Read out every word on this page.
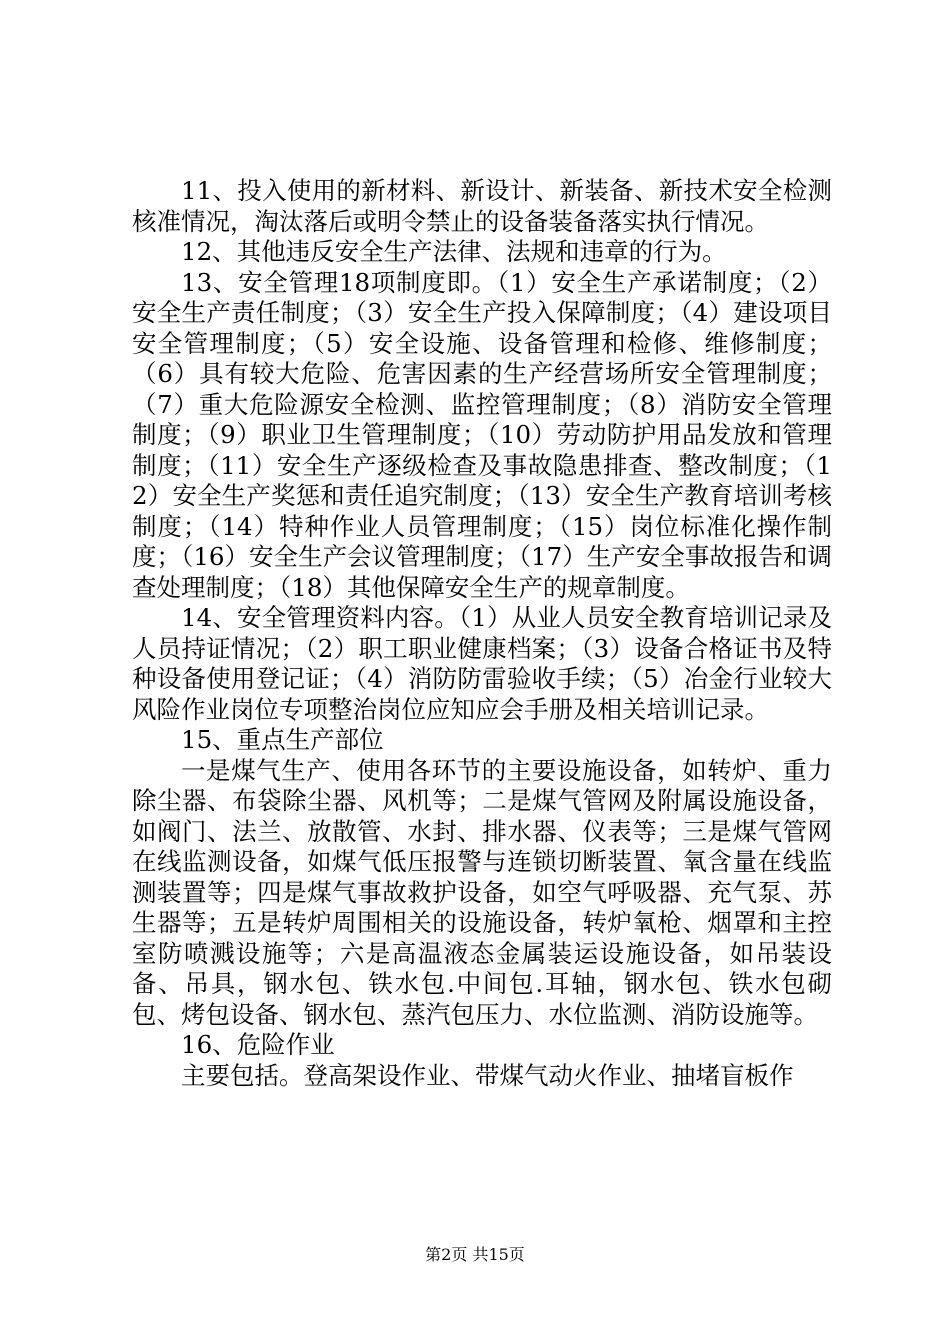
11、投入使用的新材料、新设计、新装备、新技术安全检测核准情况，淘汰落后或明令禁止的设备装备落实执行情况。

12、其他违反安全生产法律、法规和违章的行为。

13、安全管理18项制度即。（1）安全生产承诺制度；（2）安全生产责任制度；（3）安全生产投入保障制度；（4）建设项目安全管理制度；（5）安全设施、设备管理和检修、维修制度；（6）具有较大危险、危害因素的生产经营场所安全管理制度；（7）重大危险源安全检测、监控管理制度；（8）消防安全管理制度；（9）职业卫生管理制度；（10）劳动防护用品发放和管理制度；（11）安全生产逐级检查及事故隐患排查、整改制度；（12）安全生产奖惩和责任追究制度；（13）安全生产教育培训考核制度；（14）特种作业人员管理制度；（15）岗位标准化操作制度；（16）安全生产会议管理制度；（17）生产安全事故报告和调查处理制度；（18）其他保障安全生产的规章制度。

14、安全管理资料内容。（1）从业人员安全教育培训记录及人员持证情况；（2）职工职业健康档案；（3）设备合格证书及特种设备使用登记证；（4）消防防雷验收手续；（5）冶金行业较大风险作业岗位专项整治岗位应知应会手册及相关培训记录。

15、重点生产部位

一是煤气生产、使用各环节的主要设施设备，如转炉、重力除尘器、布袋除尘器、风机等；二是煤气管网及附属设施设备，如阀门、法兰、放散管、水封、排水器、仪表等；三是煤气管网在线监测设备，如煤气低压报警与连锁切断装置、氧含量在线监测装置等；四是煤气事故救护设备，如空气呼吸器、充气泵、苏生器等；五是转炉周围相关的设施设备，转炉氧枪、烟罩和主控室防喷溅设施等；六是高温液态金属装运设施设备，如吊装设备、吊具，钢水包、铁水包.中间包.耳轴，钢水包、铁水包砌包、烤包设备、钢水包、蒸汽包压力、水位监测、消防设施等。

16、危险作业

主要包括。登高架设作业、带煤气动火作业、抽堵盲板作

第2页 共15页
